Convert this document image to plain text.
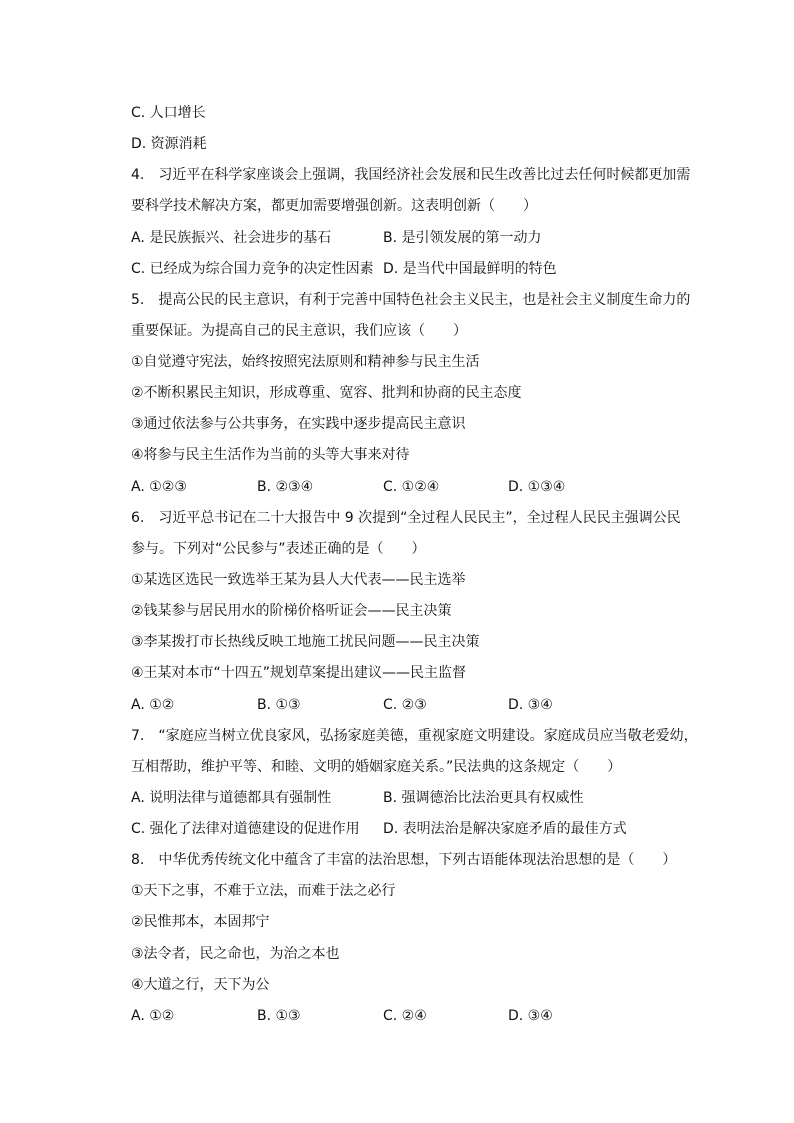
C. 人口增长
D. 资源消耗
4.　习近平在科学家座谈会上强调，我国经济社会发展和民生改善比过去任何时候都更加需
要科学技术解决方案，都更加需要增强创新。这表明创新（　　）
A. 是民族振兴、社会进步的基石	B. 是引领发展的第一动力
C. 已经成为综合国力竞争的决定性因素 D. 是当代中国最鲜明的特色
5.　提高公民的民主意识，有利于完善中国特色社会主义民主，也是社会主义制度生命力的
重要保证。为提高自己的民主意识，我们应该（　　）
①自觉遵守宪法，始终按照宪法原则和精神参与民主生活
②不断积累民主知识，形成尊重、宽容、批判和协商的民主态度
③通过依法参与公共事务，在实践中逐步提高民主意识
④将参与民主生活作为当前的头等大事来对待
A. ①②③	B. ②③④	C. ①②④	D. ①③④
6.　习近平总书记在二十大报告中 9 次提到“全过程人民民主”，全过程人民民主强调公民
参与。下列对“公民参与”表述正确的是（　　）
①某选区选民一致选举王某为县人大代表——民主选举
②钱某参与居民用水的阶梯价格听证会——民主决策
③李某拨打市长热线反映工地施工扰民问题——民主决策
④王某对本市“十四五”规划草案提出建议——民主监督
A. ①②	B. ①③	C. ②③	D. ③④
7.　“家庭应当树立优良家风，弘扬家庭美德，重视家庭文明建设。家庭成员应当敬老爱幼，
互相帮助，维护平等、和睦、文明的婚姻家庭关系。”民法典的这条规定（　　）
A. 说明法律与道德都具有强制性	B. 强调德治比法治更具有权威性
C. 强化了法律对道德建设的促进作用 D. 表明法治是解决家庭矛盾的最佳方式
8.　中华优秀传统文化中蕴含了丰富的法治思想，下列古语能体现法治思想的是（　　）
①天下之事，不难于立法，而难于法之必行
②民惟邦本，本固邦宁
③法令者，民之命也，为治之本也
④大道之行，天下为公
A. ①②	B. ①③	C. ②④	D. ③④
